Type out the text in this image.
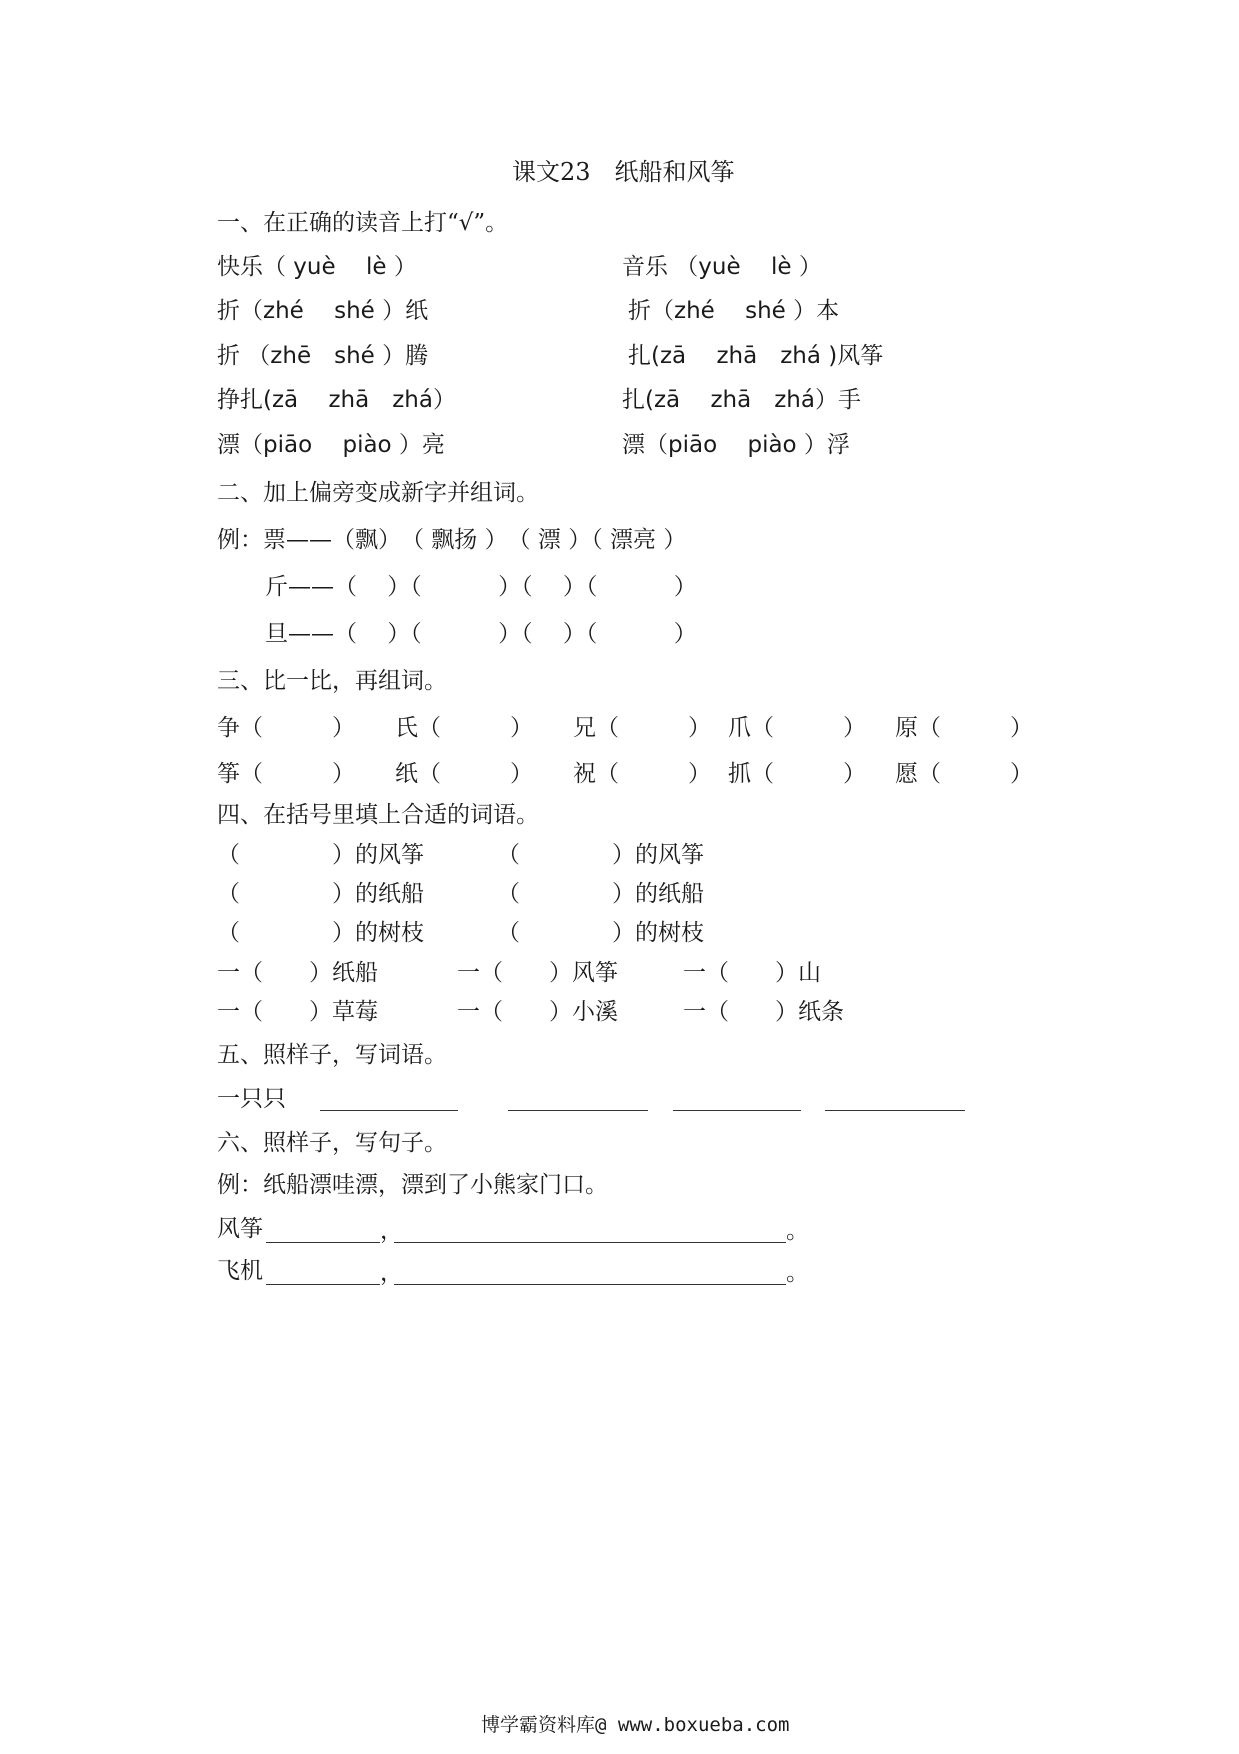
课文23　纸船和风筝
一、在正确的读音上打“√”。
快乐（ yuè　 lè ）	音乐 （yuè　 lè ）
折（zhé　 shé ）纸	折（zhé　 shé ）本
折 （zhē　shé ）腾	扎(zā　 zhā　zhá )风筝
挣扎(zā　 zhā　zhá）	扎(zā　 zhā　zhá）手
漂（piāo　 piào ）亮	漂（piāo　 piào ）浮
二、加上偏旁变成新字并组词。
例：票——（飘）　（ 飘扬 ）　（ 漂 ）（ 漂亮 ）
斤——（　 ）（　　　 ）（　 ）（　　　 ）
旦——（　 ）（　　　 ）（　 ）（　　　 ）
三、比一比，再组词。
争（　　　） 氏（　　　） 兄（　　　） 爪（　　　） 原（　　　）
筝（　　　） 纸（　　　） 祝（　　　） 抓（　　　） 愿（　　　）
四、在括号里填上合适的词语。
（　　　　）的风筝	（　　　　）的风筝
（　　　　）的纸船	（　　　　）的纸船
（　　　　）的树枝	（　　　　）的树枝
一（　　）纸船	一（　　）风筝	一（　　）山
一（　　）草莓	一（　　）小溪	一（　　）纸条
五、照样子，写词语。
一只只
六、照样子，写句子。
例：纸船漂哇漂，漂到了小熊家门口。
风筝	，	。
飞机	，	。
博学霸资料库@ www.boxueba.com
